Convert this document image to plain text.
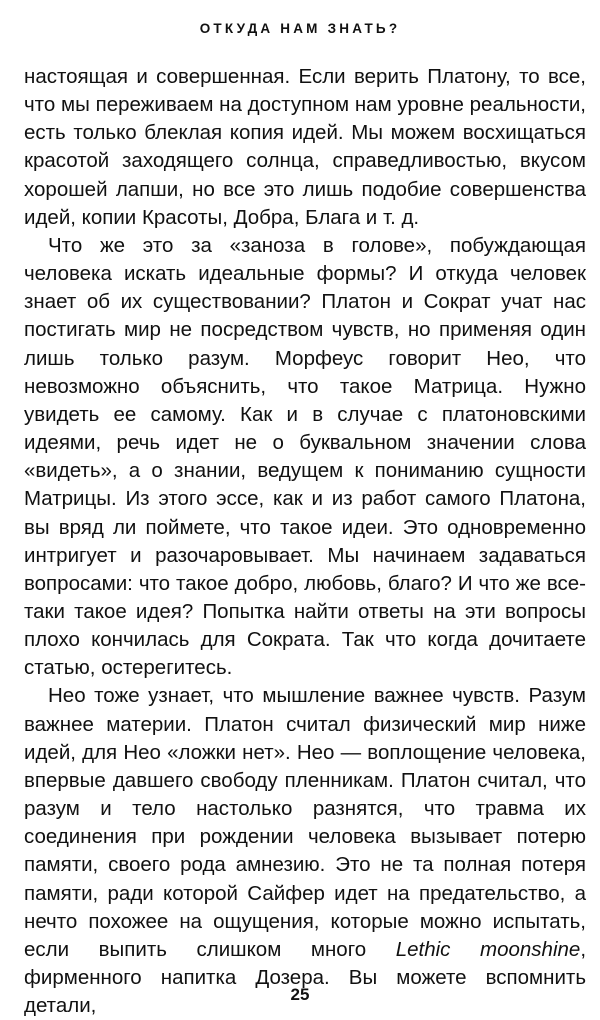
ОТКУДА НАМ ЗНАТЬ?

настоящая и совершенная. Если верить Платону, то все, что мы переживаем на доступном нам уровне реальности, есть только блеклая копия идей. Мы можем восхищаться красотой заходящего солнца, справедливостью, вкусом хорошей лапши, но все это лишь подобие совершенства идей, копии Красоты, Добра, Блага и т. д.

Что же это за «заноза в голове», побуждающая человека искать идеальные формы? И откуда человек знает об их существовании? Платон и Сократ учат нас постигать мир не посредством чувств, но применяя один лишь только разум. Морфеус говорит Нео, что невозможно объяснить, что такое Матрица. Нужно увидеть ее самому. Как и в случае с платоновскими идеями, речь идет не о буквальном значении слова «видеть», а о знании, ведущем к пониманию сущности Матрицы. Из этого эссе, как и из работ самого Платона, вы вряд ли поймете, что такое идеи. Это одновременно интригует и разочаровывает. Мы начинаем задаваться вопросами: что такое добро, любовь, благо? И что же все-таки такое идея? Попытка найти ответы на эти вопросы плохо кончилась для Сократа. Так что когда дочитаете статью, остерегитесь.

Нео тоже узнает, что мышление важнее чувств. Разум важнее материи. Платон считал физический мир ниже идей, для Нео «ложки нет». Нео — воплощение человека, впервые давшего свободу пленникам. Платон считал, что разум и тело настолько разнятся, что травма их соединения при рождении человека вызывает потерю памяти, своего рода амнезию. Это не та полная потеря памяти, ради которой Сайфер идет на предательство, а нечто похожее на ощущения, которые можно испытать, если выпить слишком много Lethic moonshine, фирменного напитка Дозера. Вы можете вспомнить детали,	25
